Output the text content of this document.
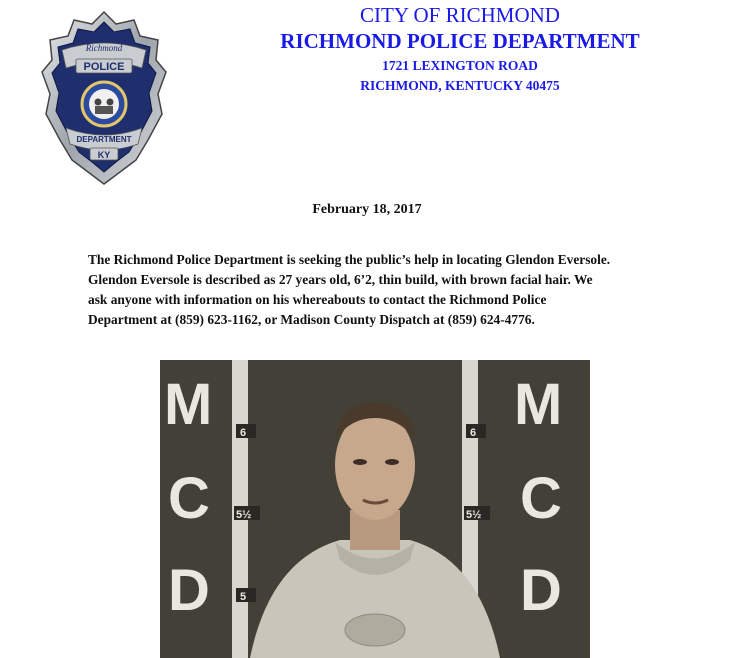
Richmond
POLICE
DEPARTMENT
KY
CITY OF RICHMOND
RICHMOND POLICE DEPARTMENT
1721 LEXINGTON ROAD
RICHMOND, KENTUCKY 40475
February 18, 2017
The Richmond Police Department is seeking the public’s help in locating Glendon Eversole.
Glendon Eversole is described as 27 years old, 6’2, thin build, with brown facial hair. We
ask anyone with information on his whereabouts to contact the Richmond Police
Department at (859) 623-1162, or Madison County Dispatch at (859) 624-4776.
M
C
D
M
C
D
6
5½
5
6
5½
